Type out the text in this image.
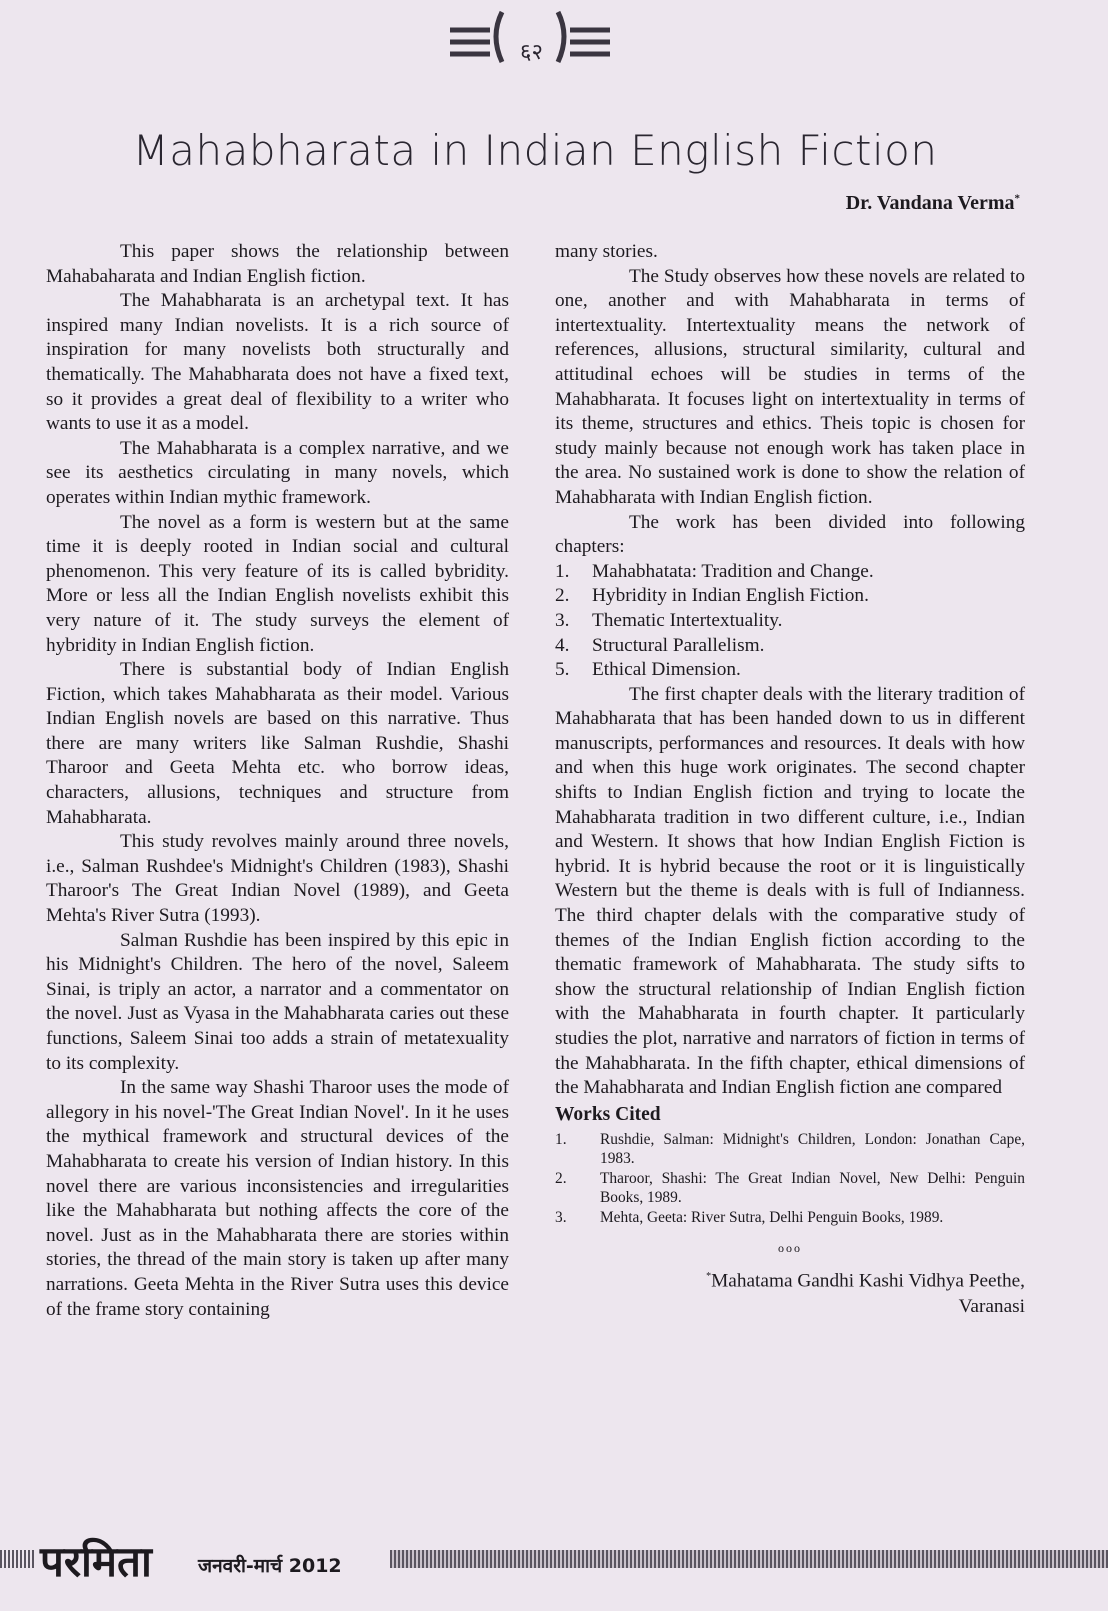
६२
Mahabharata in Indian English Fiction
Dr. Vandana Verma*

This paper shows the relationship between Mahabaharata and Indian English fiction.

The Mahabharata is an archetypal text. It has inspired many Indian novelists. It is a rich source of inspiration for many novelists both structurally and thematically. The Mahabharata does not have a fixed text, so it provides a great deal of flexibility to a writer who wants to use it as a model.

The Mahabharata is a complex narrative, and we see its aesthetics circulating in many novels, which operates within Indian mythic framework.

The novel as a form is western but at the same time it is deeply rooted in Indian social and cultural phenomenon. This very feature of its is called bybridity. More or less all the Indian English novelists exhibit this very nature of it. The study surveys the element of hybridity in Indian English fiction.

There is substantial body of Indian English Fiction, which takes Mahabharata as their model. Various Indian English novels are based on this narrative. Thus there are many writers like Salman Rushdie, Shashi Tharoor and Geeta Mehta etc. who borrow ideas, characters, allusions, techniques and structure from Mahabharata.

This study revolves mainly around three novels, i.e., Salman Rushdee's Midnight's Children (1983), Shashi Tharoor's The Great Indian Novel (1989), and Geeta Mehta's River Sutra (1993).

Salman Rushdie has been inspired by this epic in his Midnight's Children. The hero of the novel, Saleem Sinai, is triply an actor, a narrator and a commentator on the novel. Just as Vyasa in the Mahabharata caries out these functions, Saleem Sinai too adds a strain of metatexuality to its complexity.

In the same way Shashi Tharoor uses the mode of allegory in his novel-'The Great Indian Novel'. In it he uses the mythical framework and structural devices of the Mahabharata to create his version of Indian history. In this novel there are various inconsistencies and irregularities like the Mahabharata but nothing affects the core of the novel. Just as in the Mahabharata there are stories within stories, the thread of the main story is taken up after many narrations. Geeta Mehta in the River Sutra uses this device of the frame story containing

many stories.

The Study observes how these novels are related to one, another and with Mahabharata in terms of intertextuality. Intertextuality means the network of references, allusions, structural similarity, cultural and attitudinal echoes will be studies in terms of the Mahabharata. It focuses light on intertextuality in terms of its theme, structures and ethics. Theis topic is chosen for study mainly because not enough work has taken place in the area. No sustained work is done to show the relation of Mahabharata with Indian English fiction.

The work has been divided into following chapters:

1.	Mahabhatata: Tradition and Change.
2.	Hybridity in Indian English Fiction.
3.	Thematic Intertextuality.
4.	Structural Parallelism.
5.	Ethical Dimension.

The first chapter deals with the literary tradition of Mahabharata that has been handed down to us in different manuscripts, performances and resources. It deals with how and when this huge work originates. The second chapter shifts to Indian English fiction and trying to locate the Mahabharata tradition in two different culture, i.e., Indian and Western. It shows that how Indian English Fiction is hybrid. It is hybrid because the root or it is linguistically Western but the theme is deals with is full of Indianness. The third chapter delals with the comparative study of themes of the Indian English fiction according to the thematic framework of Mahabharata. The study sifts to show the structural relationship of Indian English fiction with the Mahabharata in fourth chapter. It particularly studies the plot, narrative and narrators of fiction in terms of the Mahabharata. In the fifth chapter, ethical dimensions of the Mahabharata and Indian English fiction ane compared

Works Cited
1.	Rushdie, Salman: Midnight's Children, London: Jonathan Cape, 1983.
2.	Tharoor, Shashi: The Great Indian Novel, New Delhi: Penguin Books, 1989.
3.	Mehta, Geeta: River Sutra, Delhi Penguin Books, 1989.
ooo
*Mahatama Gandhi Kashi Vidhya Peethe,
Varanasi
परमिता जनवरी-मार्च 2012
